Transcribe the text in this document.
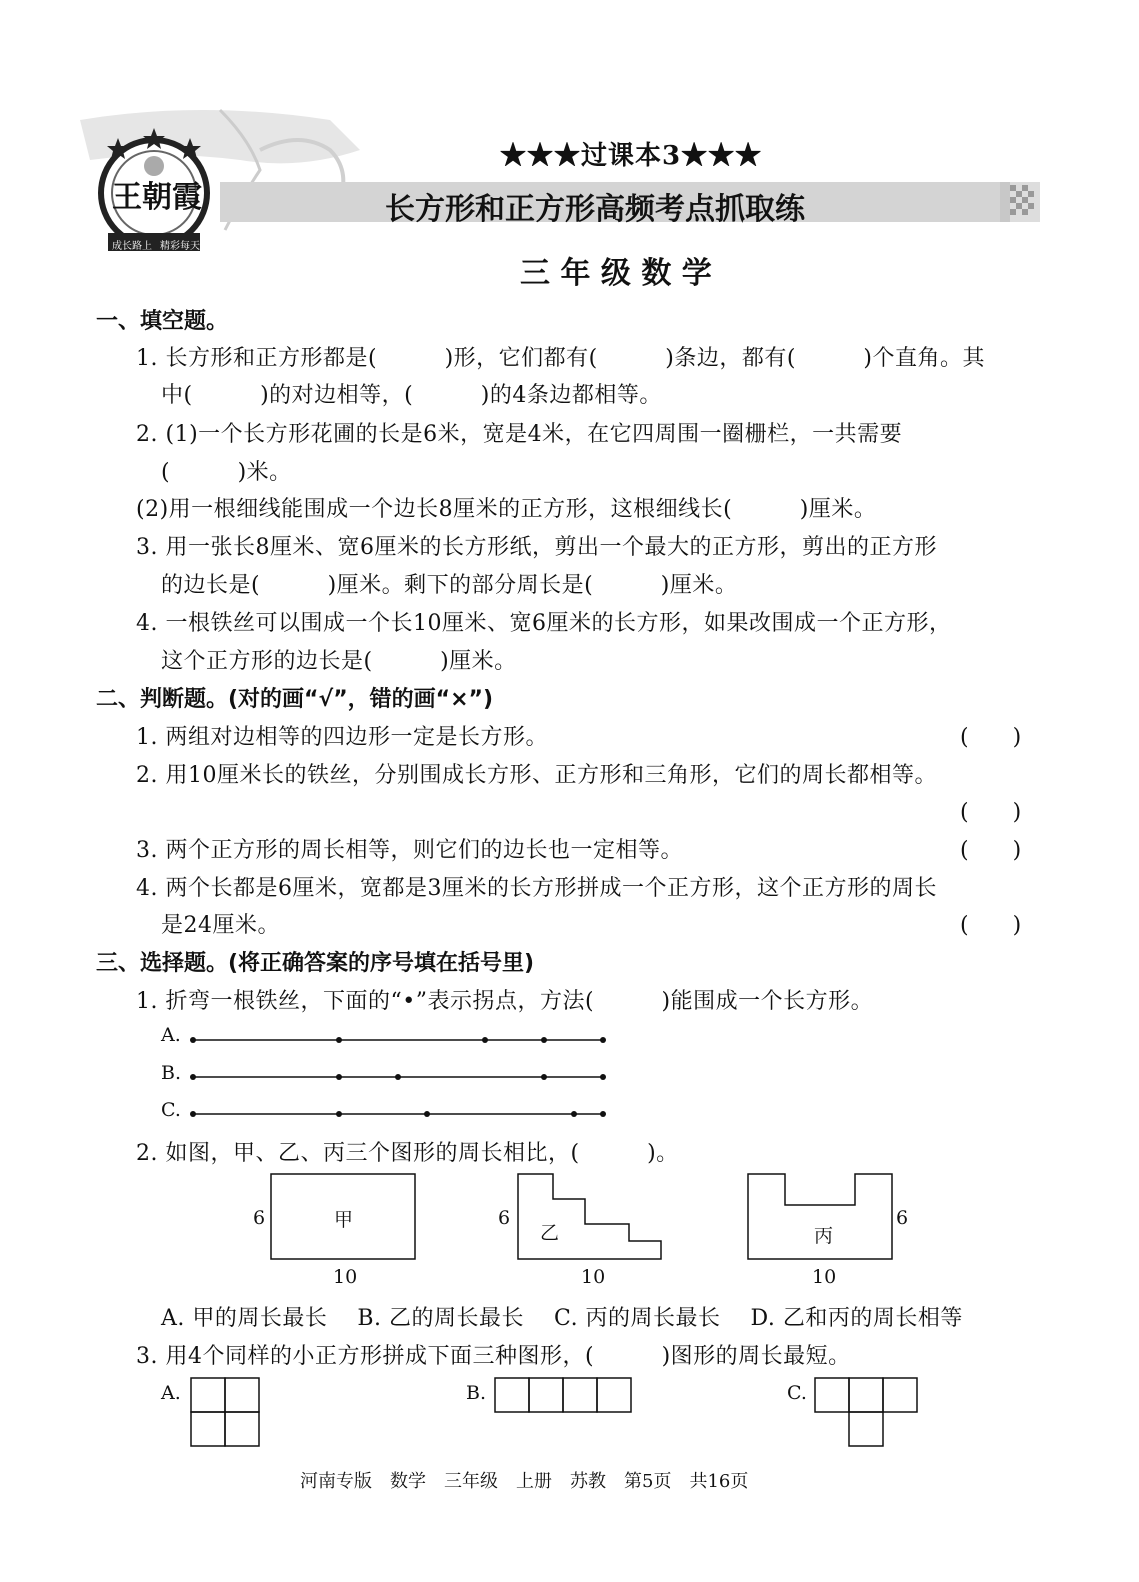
王朝霞
成长路上 精彩每天
★★★过课本3★★★
长方形和正方形高频考点抓取练
三 年 级 数 学
一、填空题。
1. 长方形和正方形都是(　　　)形，它们都有(　　　)条边，都有(　　　)个直角。其
中(　　　)的对边相等，(　　　)的4条边都相等。
2. (1)一个长方形花圃的长是6米，宽是4米，在它四周围一圈栅栏，一共需要
(　　　)米。
(2)用一根细线能围成一个边长8厘米的正方形，这根细线长(　　　)厘米。
3. 用一张长8厘米、宽6厘米的长方形纸，剪出一个最大的正方形，剪出的正方形
的边长是(　　　)厘米。剩下的部分周长是(　　　)厘米。
4. 一根铁丝可以围成一个长10厘米、宽6厘米的长方形，如果改围成一个正方形，
这个正方形的边长是(　　　)厘米。
二、判断题。(对的画“√”，错的画“×”)
1. 两组对边相等的四边形一定是长方形。	(　　)
2. 用10厘米长的铁丝，分别围成长方形、正方形和三角形，它们的周长都相等。
(　　)
3. 两个正方形的周长相等，则它们的边长也一定相等。	(　　)
4. 两个长都是6厘米，宽都是3厘米的长方形拼成一个正方形，这个正方形的周长
是24厘米。	(　　)
三、选择题。(将正确答案的序号填在括号里)
1. 折弯一根铁丝，下面的“•”表示拐点，方法(　　　)能围成一个长方形。
A.
B.
C.
2. 如图，甲、乙、丙三个图形的周长相比，(　　　)。
甲
乙	丙
6	6	6
10	10	10
A. 甲的周长最长　 B. 乙的周长最长　 C. 丙的周长最长　 D. 乙和丙的周长相等
3. 用4个同样的小正方形拼成下面三种图形，(　　　)图形的周长最短。
A.	B.	C.
河南专版　数学　三年级　上册　苏教　第5页　共16页
